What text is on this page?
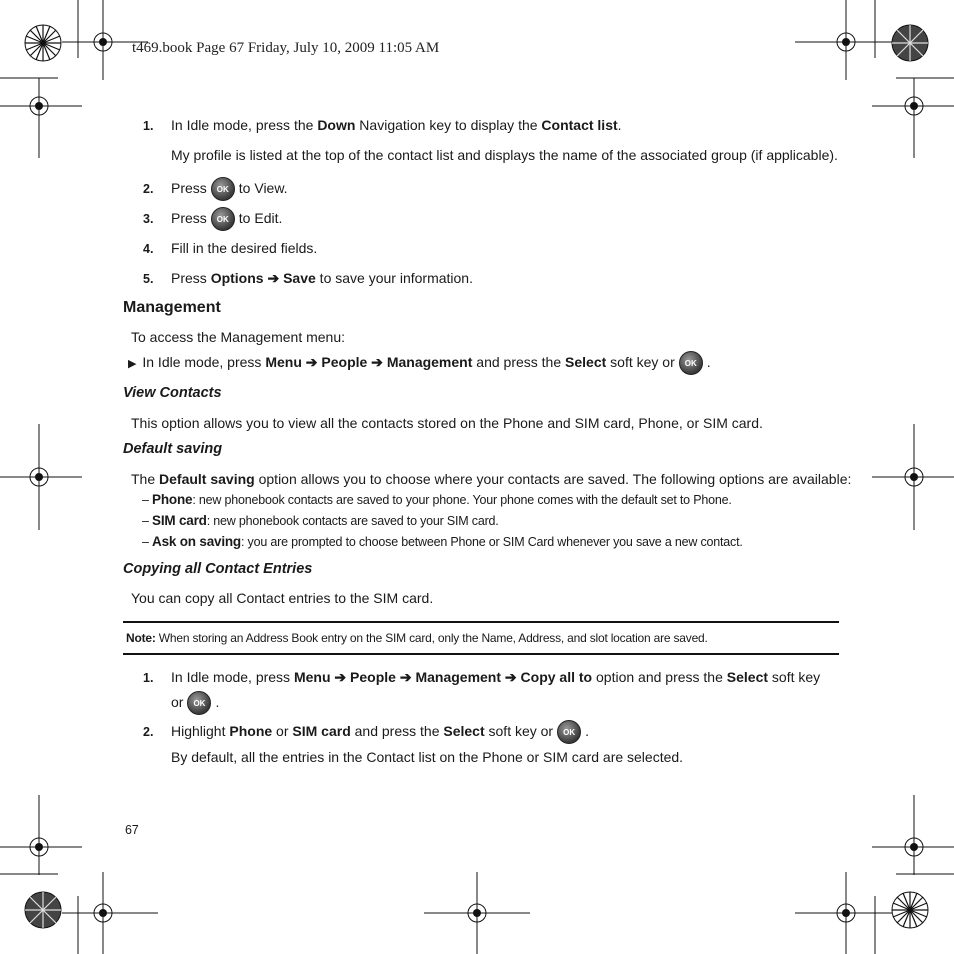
t469.book Page 67 Friday, July 10, 2009 11:05 AM
1. In Idle mode, press the Down Navigation key to display the Contact list.
My profile is listed at the top of the contact list and displays the name of the associated group (if applicable).
2. Press OK to View.
3. Press OK to Edit.
4. Fill in the desired fields.
5. Press Options ➔ Save to save your information.
Management
To access the Management menu:
▶ In Idle mode, press Menu ➔ People ➔ Management and press the Select soft key or OK .
View Contacts
This option allows you to view all the contacts stored on the Phone and SIM card, Phone, or SIM card.
Default saving
The Default saving option allows you to choose where your contacts are saved. The following options are available:
– Phone: new phonebook contacts are saved to your phone. Your phone comes with the default set to Phone.
– SIM card: new phonebook contacts are saved to your SIM card.
– Ask on saving: you are prompted to choose between Phone or SIM Card whenever you save a new contact.
Copying all Contact Entries
You can copy all Contact entries to the SIM card.
Note: When storing an Address Book entry on the SIM card, only the Name, Address, and slot location are saved.
1. In Idle mode, press Menu ➔ People ➔ Management ➔ Copy all to option and press the Select soft key
or OK .
2. Highlight Phone or SIM card and press the Select soft key or OK .
By default, all the entries in the Contact list on the Phone or SIM card are selected.
67
